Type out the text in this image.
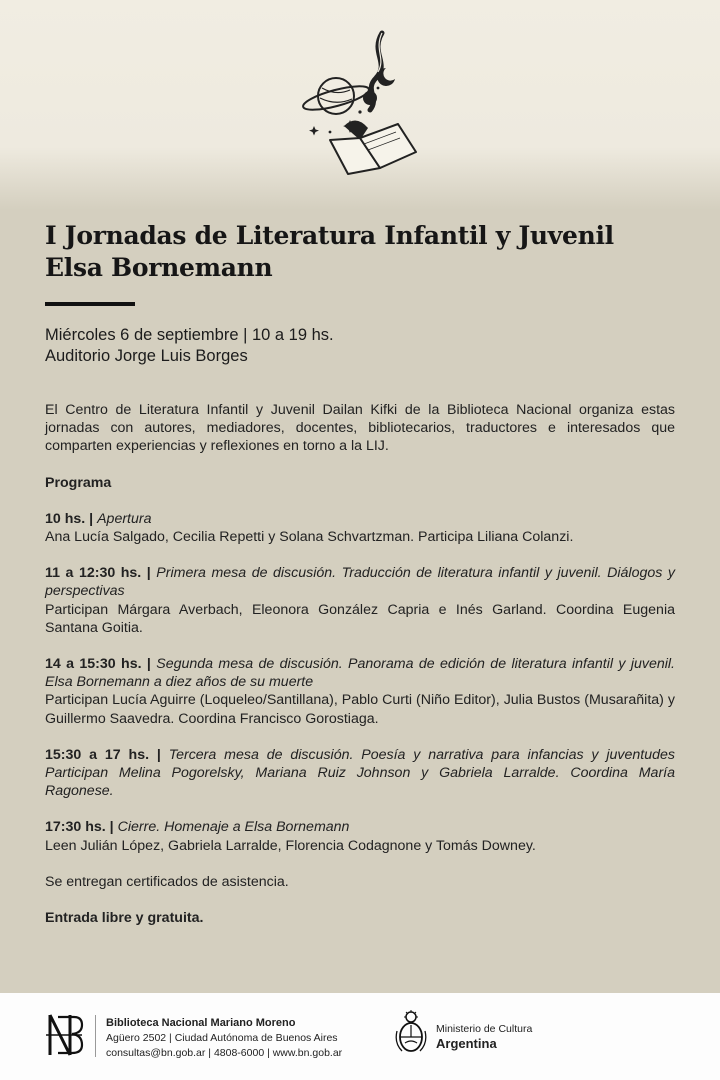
I Jornadas de Literatura Infantil y Juvenil
Elsa Bornemann
Miércoles 6 de septiembre | 10 a 19 hs.
Auditorio Jorge Luis Borges

El Centro de Literatura Infantil y Juvenil Dailan Kifki de la Biblioteca Nacional organiza estas jornadas con autores, mediadores, docentes, bibliotecarios, traductores e interesados que comparten experiencias y reflexiones en torno a la LIJ.

Programa

10 hs. | Apertura

Ana Lucía Salgado, Cecilia Repetti y Solana Schvartzman. Participa Liliana Colanzi.

11 a 12:30 hs. | Primera mesa de discusión. Traducción de literatura infantil y juvenil. Diálogos y perspectivas

Participan Márgara Averbach, Eleonora González Capria e Inés Garland. Coordina Eugenia Santana Goitia.

14 a 15:30 hs. | Segunda mesa de discusión. Panorama de edición de literatura infantil y juvenil. Elsa Bornemann a diez años de su muerte

Participan Lucía Aguirre (Loqueleo/Santillana), Pablo Curti (Niño Editor), Julia Bustos (Musarañita) y Guillermo Saavedra. Coordina Francisco Gorostiaga.

15:30 a 17 hs. | Tercera mesa de discusión. Poesía y narrativa para infancias y juventudes Participan Melina Pogorelsky, Mariana Ruiz Johnson y Gabriela Larralde. Coordina María Ragonese.

17:30 hs. | Cierre. Homenaje a Elsa Bornemann

Leen Julián López, Gabriela Larralde, Florencia Codagnone y Tomás Downey.

Se entregan certificados de asistencia.

Entrada libre y gratuita.

Biblioteca Nacional Mariano Moreno
Agüero 2502 | Ciudad Autónoma de Buenos Aires
consultas@bn.gob.ar | 4808-6000 | www.bn.gob.ar
Ministerio de Cultura
Argentina
